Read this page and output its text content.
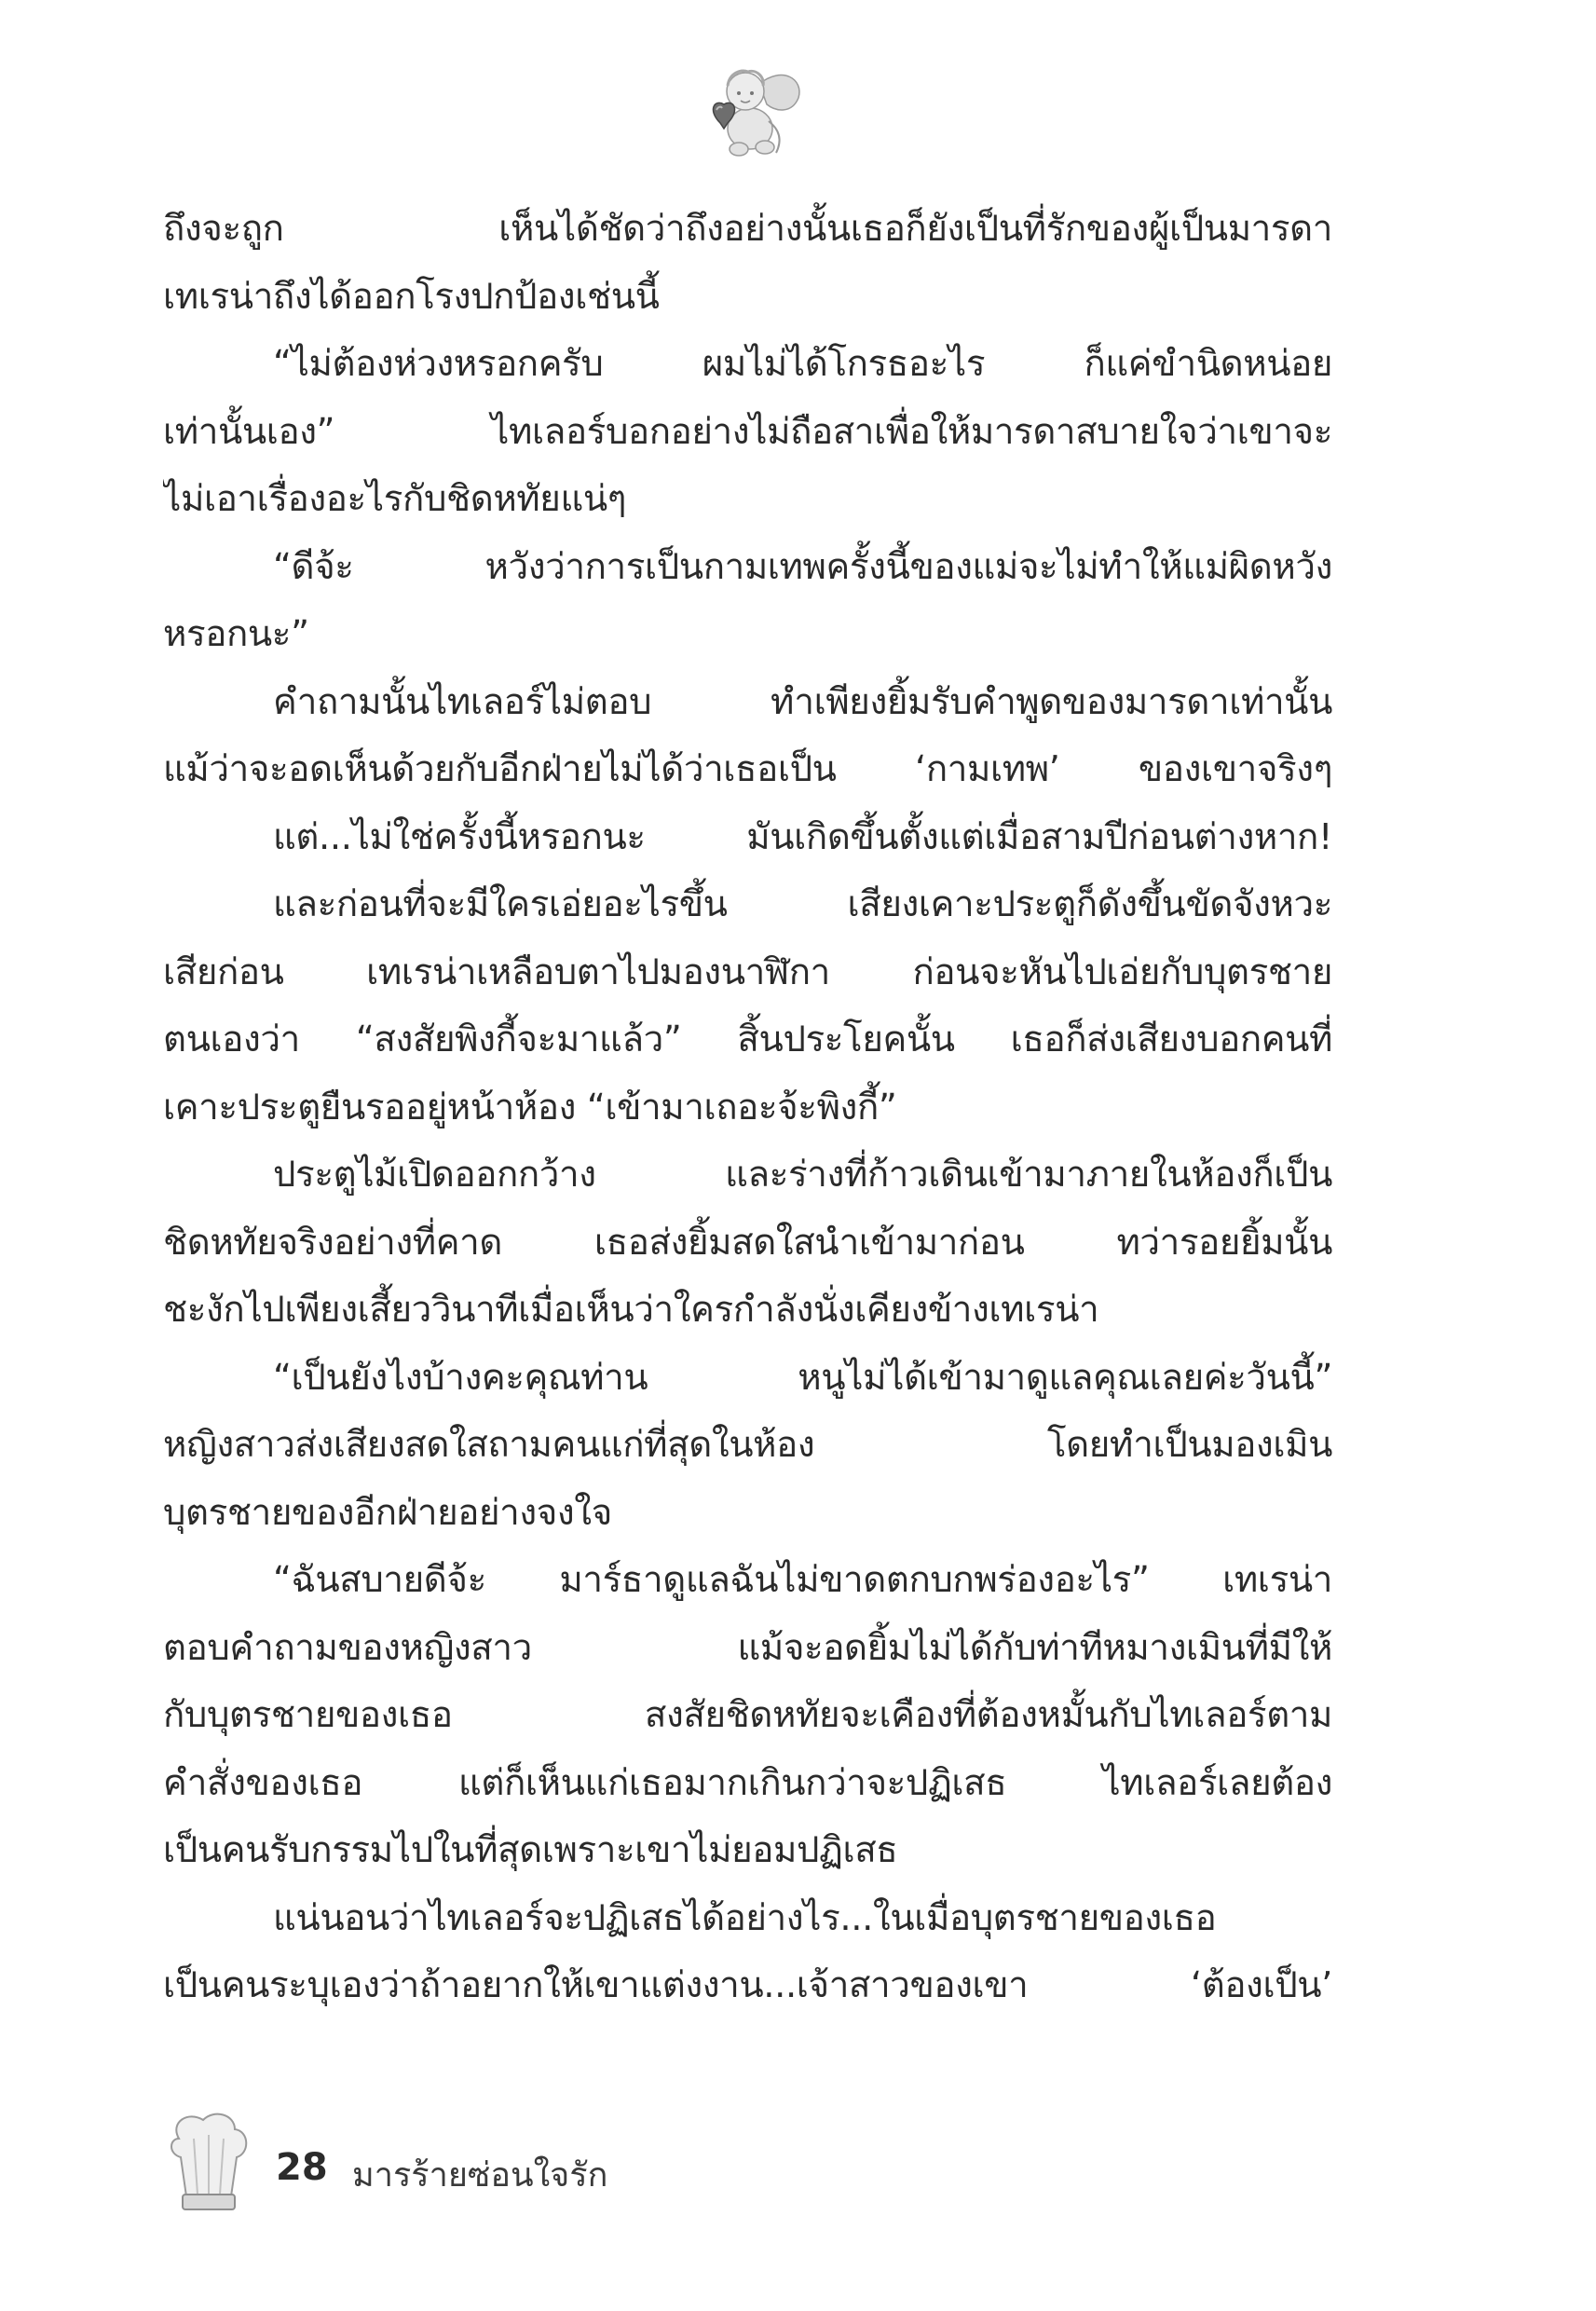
ถึงจะถูก เห็นได้ชัดว่าถึงอย่างนั้นเธอก็ยังเป็นที่รักของผู้เป็นมารดา
เทเรน่าถึงได้ออกโรงปกป้องเช่นนี้
“ไม่ต้องห่วงหรอกครับ ผมไม่ได้โกรธอะไร ก็แค่ขำนิดหน่อย
เท่านั้นเอง” ไทเลอร์บอกอย่างไม่ถือสาเพื่อให้มารดาสบายใจว่าเขาจะ
ไม่เอาเรื่องอะไรกับชิดหทัยแน่ๆ
“ดีจ้ะ หวังว่าการเป็นกามเทพครั้งนี้ของแม่จะไม่ทำให้แม่ผิดหวัง
หรอกนะ”
คำถามนั้นไทเลอร์ไม่ตอบ ทำเพียงยิ้มรับคำพูดของมารดาเท่านั้น
แม้ว่าจะอดเห็นด้วยกับอีกฝ่ายไม่ได้ว่าเธอเป็น ‘กามเทพ’ ของเขาจริงๆ
แต่...ไม่ใช่ครั้งนี้หรอกนะ มันเกิดขึ้นตั้งแต่เมื่อสามปีก่อนต่างหาก!
และก่อนที่จะมีใครเอ่ยอะไรขึ้น เสียงเคาะประตูก็ดังขึ้นขัดจังหวะ
เสียก่อน เทเรน่าเหลือบตาไปมองนาฬิกา ก่อนจะหันไปเอ่ยกับบุตรชาย
ตนเองว่า “สงสัยพิงกี้จะมาแล้ว” สิ้นประโยคนั้น เธอก็ส่งเสียงบอกคนที่
เคาะประตูยืนรออยู่หน้าห้อง “เข้ามาเถอะจ้ะพิงกี้”
ประตูไม้เปิดออกกว้าง และร่างที่ก้าวเดินเข้ามาภายในห้องก็เป็น
ชิดหทัยจริงอย่างที่คาด เธอส่งยิ้มสดใสนำเข้ามาก่อน ทว่ารอยยิ้มนั้น
ชะงักไปเพียงเสี้ยววินาทีเมื่อเห็นว่าใครกำลังนั่งเคียงข้างเทเรน่า
“เป็นยังไงบ้างคะคุณท่าน หนูไม่ได้เข้ามาดูแลคุณเลยค่ะวันนี้”
หญิงสาวส่งเสียงสดใสถามคนแก่ที่สุดในห้อง โดยทำเป็นมองเมิน
บุตรชายของอีกฝ่ายอย่างจงใจ
“ฉันสบายดีจ้ะ มาร์ธาดูแลฉันไม่ขาดตกบกพร่องอะไร” เทเรน่า
ตอบคำถามของหญิงสาว แม้จะอดยิ้มไม่ได้กับท่าทีหมางเมินที่มีให้
กับบุตรชายของเธอ สงสัยชิดหทัยจะเคืองที่ต้องหมั้นกับไทเลอร์ตาม
คำสั่งของเธอ แต่ก็เห็นแก่เธอมากเกินกว่าจะปฏิเสธ ไทเลอร์เลยต้อง
เป็นคนรับกรรมไปในที่สุดเพราะเขาไม่ยอมปฏิเสธ
แน่นอนว่าไทเลอร์จะปฏิเสธได้อย่างไร...ในเมื่อบุตรชายของเธอ
เป็นคนระบุเองว่าถ้าอยากให้เขาแต่งงาน...เจ้าสาวของเขา ‘ต้องเป็น’
28 มารร้ายซ่อนใจรัก
